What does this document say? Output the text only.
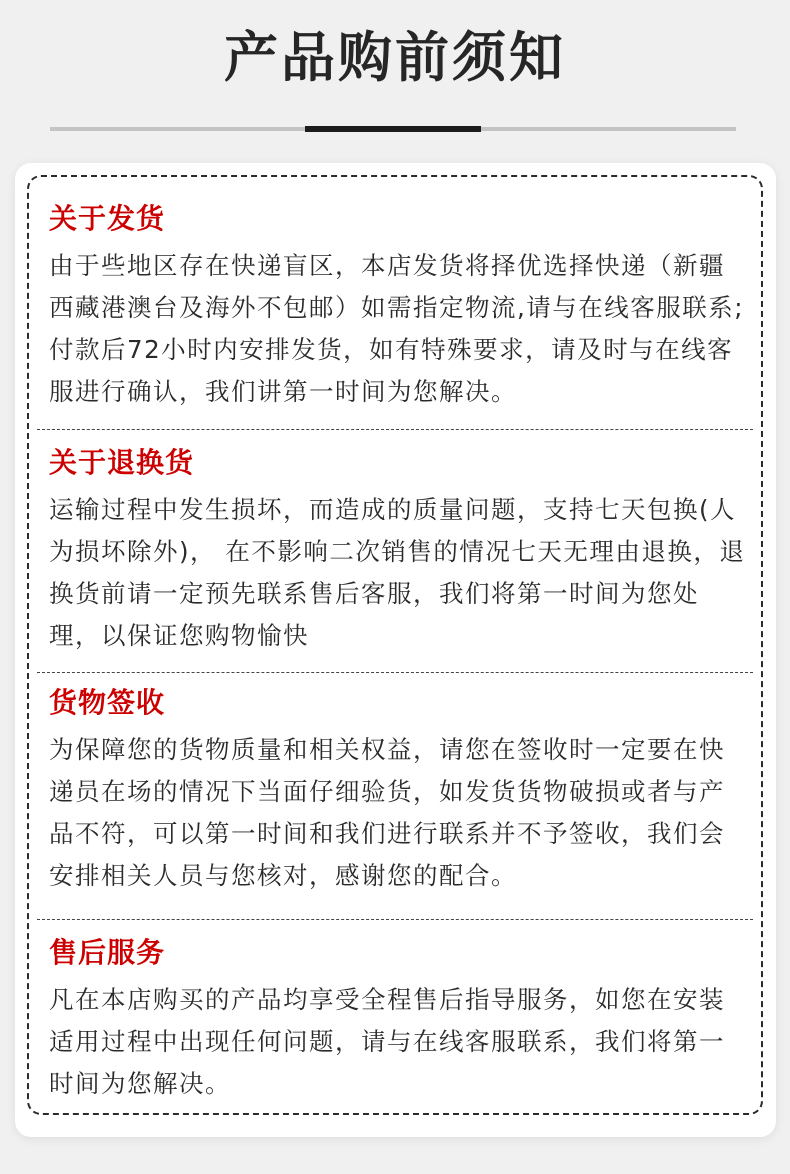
产品购前须知
关于发货
由于些地区存在快递盲区，本店发货将择优选择快递（新疆西藏港澳台及海外不包邮）如需指定物流,请与在线客服联系;付款后72小时内安排发货，如有特殊要求，请及时与在线客服进行确认，我们讲第一时间为您解决。
关于退换货
运输过程中发生损坏，而造成的质量问题，支持七天包换(人为损坏除外)， 在不影响二次销售的情况七天无理由退换，退换货前请一定预先联系售后客服，我们将第一时间为您处理，以保证您购物愉快
货物签收
为保障您的货物质量和相关权益，请您在签收时一定要在快递员在场的情况下当面仔细验货，如发货货物破损或者与产品不符，可以第一时间和我们进行联系并不予签收，我们会安排相关人员与您核对，感谢您的配合。
售后服务
凡在本店购买的产品均享受全程售后指导服务，如您在安装适用过程中出现任何问题，请与在线客服联系，我们将第一时间为您解决。
